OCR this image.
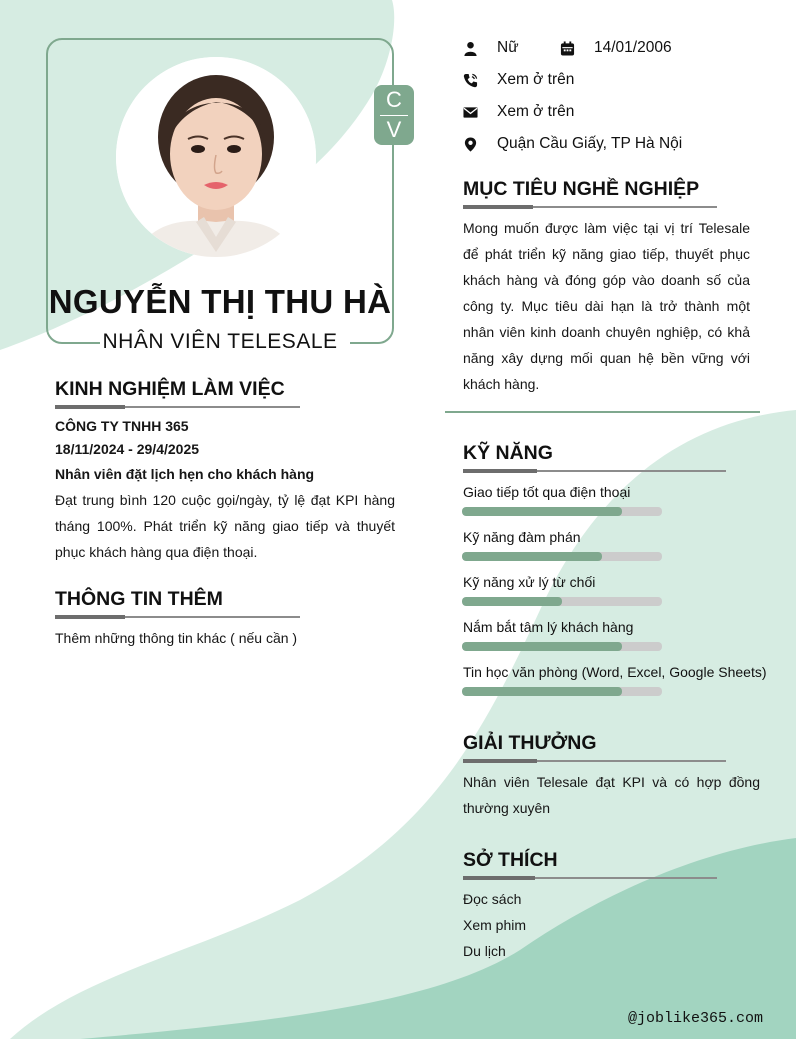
C
V
NGUYỄN THỊ THU HÀ
NHÂN VIÊN TELESALE
Nữ	14/01/2006
Xem ở trên
Xem ở trên
Quận Cầu Giấy, TP Hà Nội
MỤC TIÊU NGHỀ NGHIỆP
Mong muốn được làm việc tại vị trí Telesale để phát triển kỹ năng giao tiếp, thuyết phục khách hàng và đóng góp vào doanh số của công ty. Mục tiêu dài hạn là trở thành một nhân viên kinh doanh chuyên nghiệp, có khả năng xây dựng mối quan hệ bền vững với khách hàng.
KINH NGHIỆM LÀM VIỆC
CÔNG TY TNHH 365
18/11/2024 - 29/4/2025
Nhân viên đặt lịch hẹn cho khách hàng
Đạt trung bình 120 cuộc gọi/ngày, tỷ lệ đạt KPI hàng tháng 100%. Phát triển kỹ năng giao tiếp và thuyết phục khách hàng qua điện thoại.
THÔNG TIN THÊM
Thêm những thông tin khác ( nếu cần )
KỸ NĂNG
Giao tiếp tốt qua điện thoại
Kỹ năng đàm phán
Kỹ năng xử lý từ chối
Nắm bắt tâm lý khách hàng
Tin học văn phòng (Word, Excel, Google Sheets)
GIẢI THƯỞNG
Nhân viên Telesale đạt KPI và có hợp đồng thường xuyên
SỞ THÍCH
Đọc sách
Xem phim
Du lịch
@joblike365.com
